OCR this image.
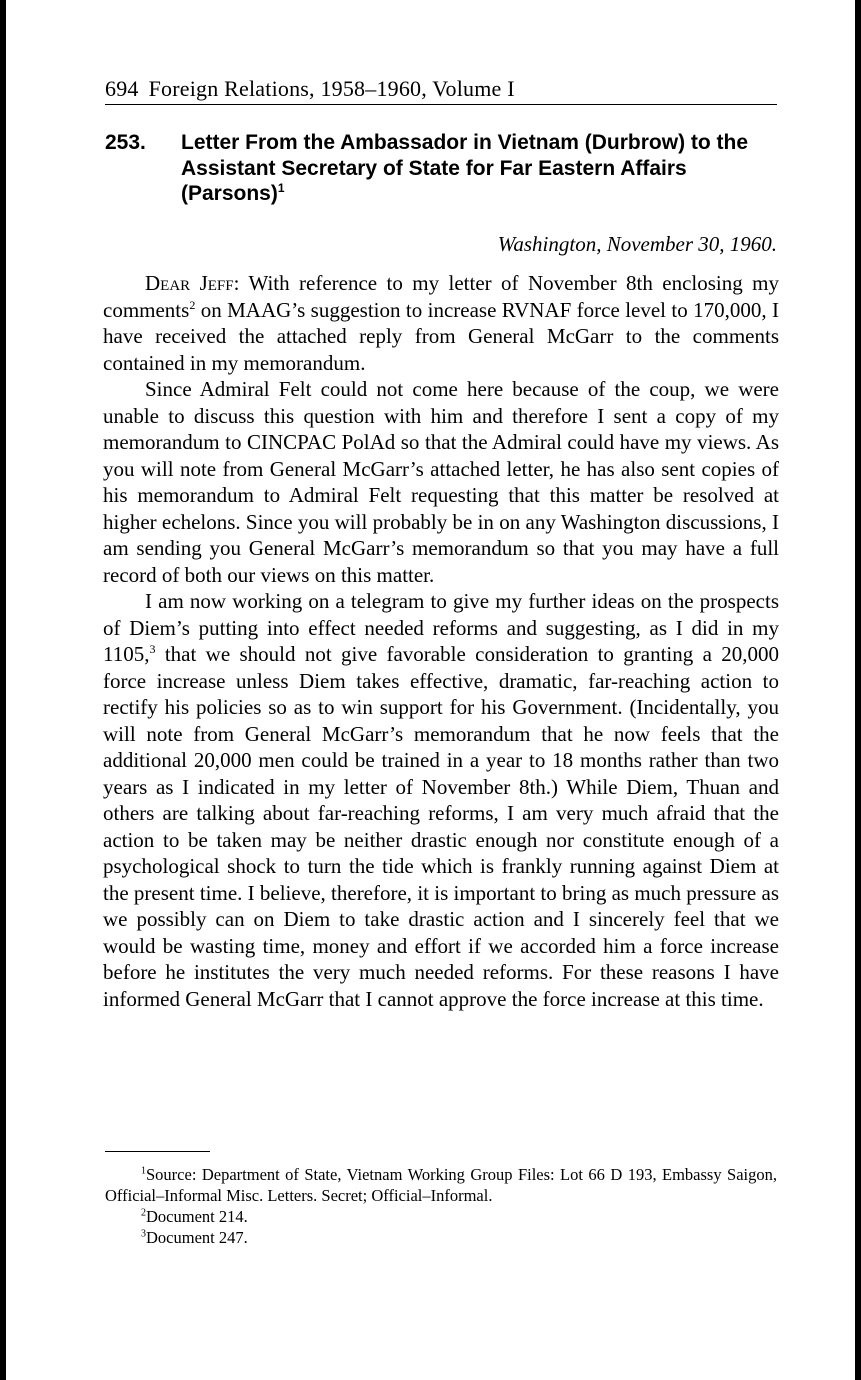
694 Foreign Relations, 1958–1960, Volume I
253. Letter From the Ambassador in Vietnam (Durbrow) to the Assistant Secretary of State for Far Eastern Affairs (Parsons)$^1$
Washington, November 30, 1960.

Dear Jeff: With reference to my letter of November 8th enclosing my comments$^2$ on MAAG’s suggestion to increase RVNAF force level to 170,000, I have received the attached reply from General McGarr to the comments contained in my memorandum.

Since Admiral Felt could not come here because of the coup, we were unable to discuss this question with him and therefore I sent a copy of my memorandum to CINCPAC PolAd so that the Admiral could have my views. As you will note from General McGarr’s attached letter, he has also sent copies of his memorandum to Admiral Felt requesting that this matter be resolved at higher echelons. Since you will probably be in on any Washington discussions, I am sending you General McGarr’s memorandum so that you may have a full record of both our views on this matter.

I am now working on a telegram to give my further ideas on the prospects of Diem’s putting into effect needed reforms and suggesting, as I did in my 1105,$^3$ that we should not give favorable consideration to granting a 20,000 force increase unless Diem takes effective, dramatic, far-reaching action to rectify his policies so as to win support for his Government. (Incidentally, you will note from General McGarr’s memorandum that he now feels that the additional 20,000 men could be trained in a year to 18 months rather than two years as I indicated in my letter of November 8th.) While Diem, Thuan and others are talking about far-reaching reforms, I am very much afraid that the action to be taken may be neither drastic enough nor constitute enough of a psychological shock to turn the tide which is frankly running against Diem at the present time. I believe, therefore, it is important to bring as much pressure as we possibly can on Diem to take drastic action and I sincerely feel that we would be wasting time, money and effort if we accorded him a force increase before he institutes the very much needed reforms. For these reasons I have informed General McGarr that I cannot approve the force increase at this time.

$^1$Source: Department of State, Vietnam Working Group Files: Lot 66 D 193, Embassy Saigon, Official–Informal Misc. Letters. Secret; Official–Informal.

$^2$Document 214.

$^3$Document 247.
